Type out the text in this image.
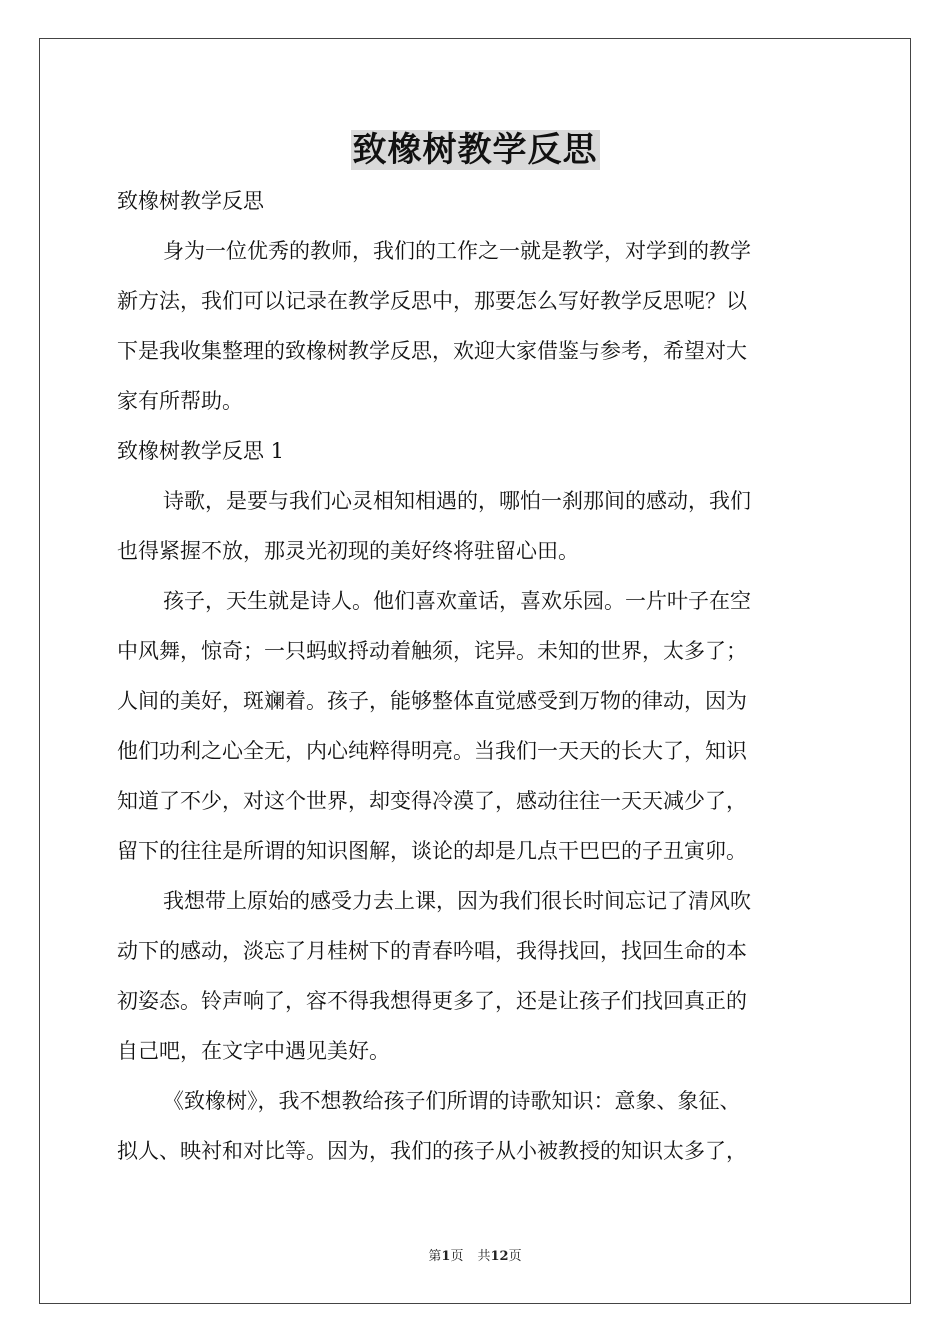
致橡树教学反思

致橡树教学反思

身为一位优秀的教师，我们的工作之一就是教学，对学到的教学

新方法，我们可以记录在教学反思中，那要怎么写好教学反思呢？以

下是我收集整理的致橡树教学反思，欢迎大家借鉴与参考，希望对大

家有所帮助。

致橡树教学反思 1

诗歌，是要与我们心灵相知相遇的，哪怕一刹那间的感动，我们

也得紧握不放，那灵光初现的美好终将驻留心田。

孩子，天生就是诗人。他们喜欢童话，喜欢乐园。一片叶子在空

中风舞，惊奇；一只蚂蚁捋动着触须，诧异。未知的世界，太多了；

人间的美好，斑斓着。孩子，能够整体直觉感受到万物的律动，因为

他们功利之心全无，内心纯粹得明亮。当我们一天天的长大了，知识

知道了不少，对这个世界，却变得冷漠了，感动往往一天天减少了，

留下的往往是所谓的知识图解，谈论的却是几点干巴巴的子丑寅卯。

我想带上原始的感受力去上课，因为我们很长时间忘记了清风吹

动下的感动，淡忘了月桂树下的青春吟唱，我得找回，找回生命的本

初姿态。铃声响了，容不得我想得更多了，还是让孩子们找回真正的

自己吧，在文字中遇见美好。

《致橡树》，我不想教给孩子们所谓的诗歌知识：意象、象征、

拟人、映衬和对比等。因为，我们的孩子从小被教授的知识太多了，

第1页 共12页
